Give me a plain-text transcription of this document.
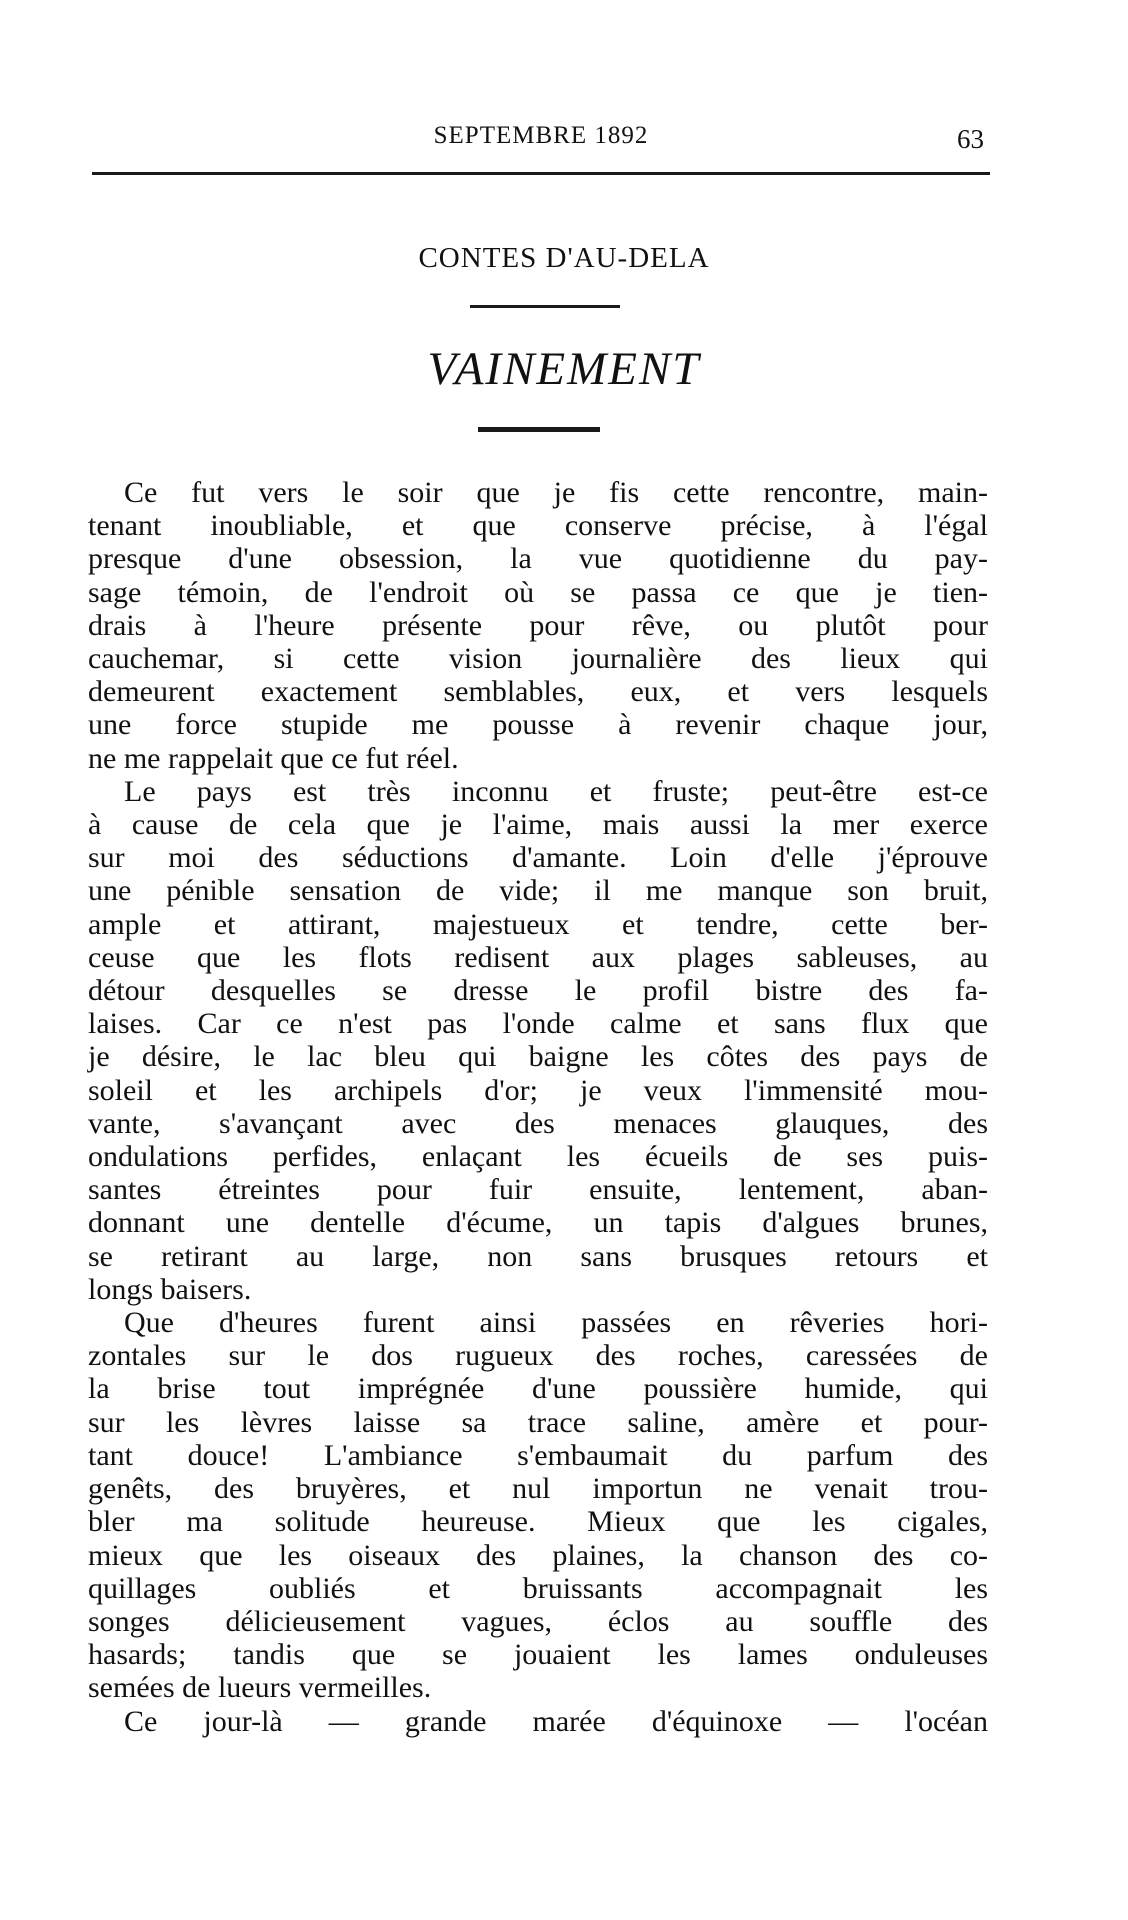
SEPTEMBRE 1892	63
CONTES D'AU-DELA
VAINEMENT

Ce fut vers le soir que je fis cette rencontre, main-
tenant inoubliable, et que conserve précise, à l'égal
presque d'une obsession, la vue quotidienne du pay-
sage témoin, de l'endroit où se passa ce que je tien-
drais à l'heure présente pour rêve, ou plutôt pour
cauchemar, si cette vision journalière des lieux qui
demeurent exactement semblables, eux, et vers lesquels
une force stupide me pousse à revenir chaque jour,
ne me rappelait que ce fut réel.

Le pays est très inconnu et fruste; peut-être est-ce
à cause de cela que je l'aime, mais aussi la mer exerce
sur moi des séductions d'amante. Loin d'elle j'éprouve
une pénible sensation de vide; il me manque son bruit,
ample et attirant, majestueux et tendre, cette ber-
ceuse que les flots redisent aux plages sableuses, au
détour desquelles se dresse le profil bistre des fa-
laises. Car ce n'est pas l'onde calme et sans flux que
je désire, le lac bleu qui baigne les côtes des pays de
soleil et les archipels d'or; je veux l'immensité mou-
vante, s'avançant avec des menaces glauques, des
ondulations perfides, enlaçant les écueils de ses puis-
santes étreintes pour fuir ensuite, lentement, aban-
donnant une dentelle d'écume, un tapis d'algues brunes,
se retirant au large, non sans brusques retours et
longs baisers.

Que d'heures furent ainsi passées en rêveries hori-
zontales sur le dos rugueux des roches, caressées de
la brise tout imprégnée d'une poussière humide, qui
sur les lèvres laisse sa trace saline, amère et pour-
tant douce! L'ambiance s'embaumait du parfum des
genêts, des bruyères, et nul importun ne venait trou-
bler ma solitude heureuse. Mieux que les cigales,
mieux que les oiseaux des plaines, la chanson des co-
quillages oubliés et bruissants accompagnait les
songes délicieusement vagues, éclos au souffle des
hasards; tandis que se jouaient les lames onduleuses
semées de lueurs vermeilles.

Ce jour-là — grande marée d'équinoxe — l'océan
